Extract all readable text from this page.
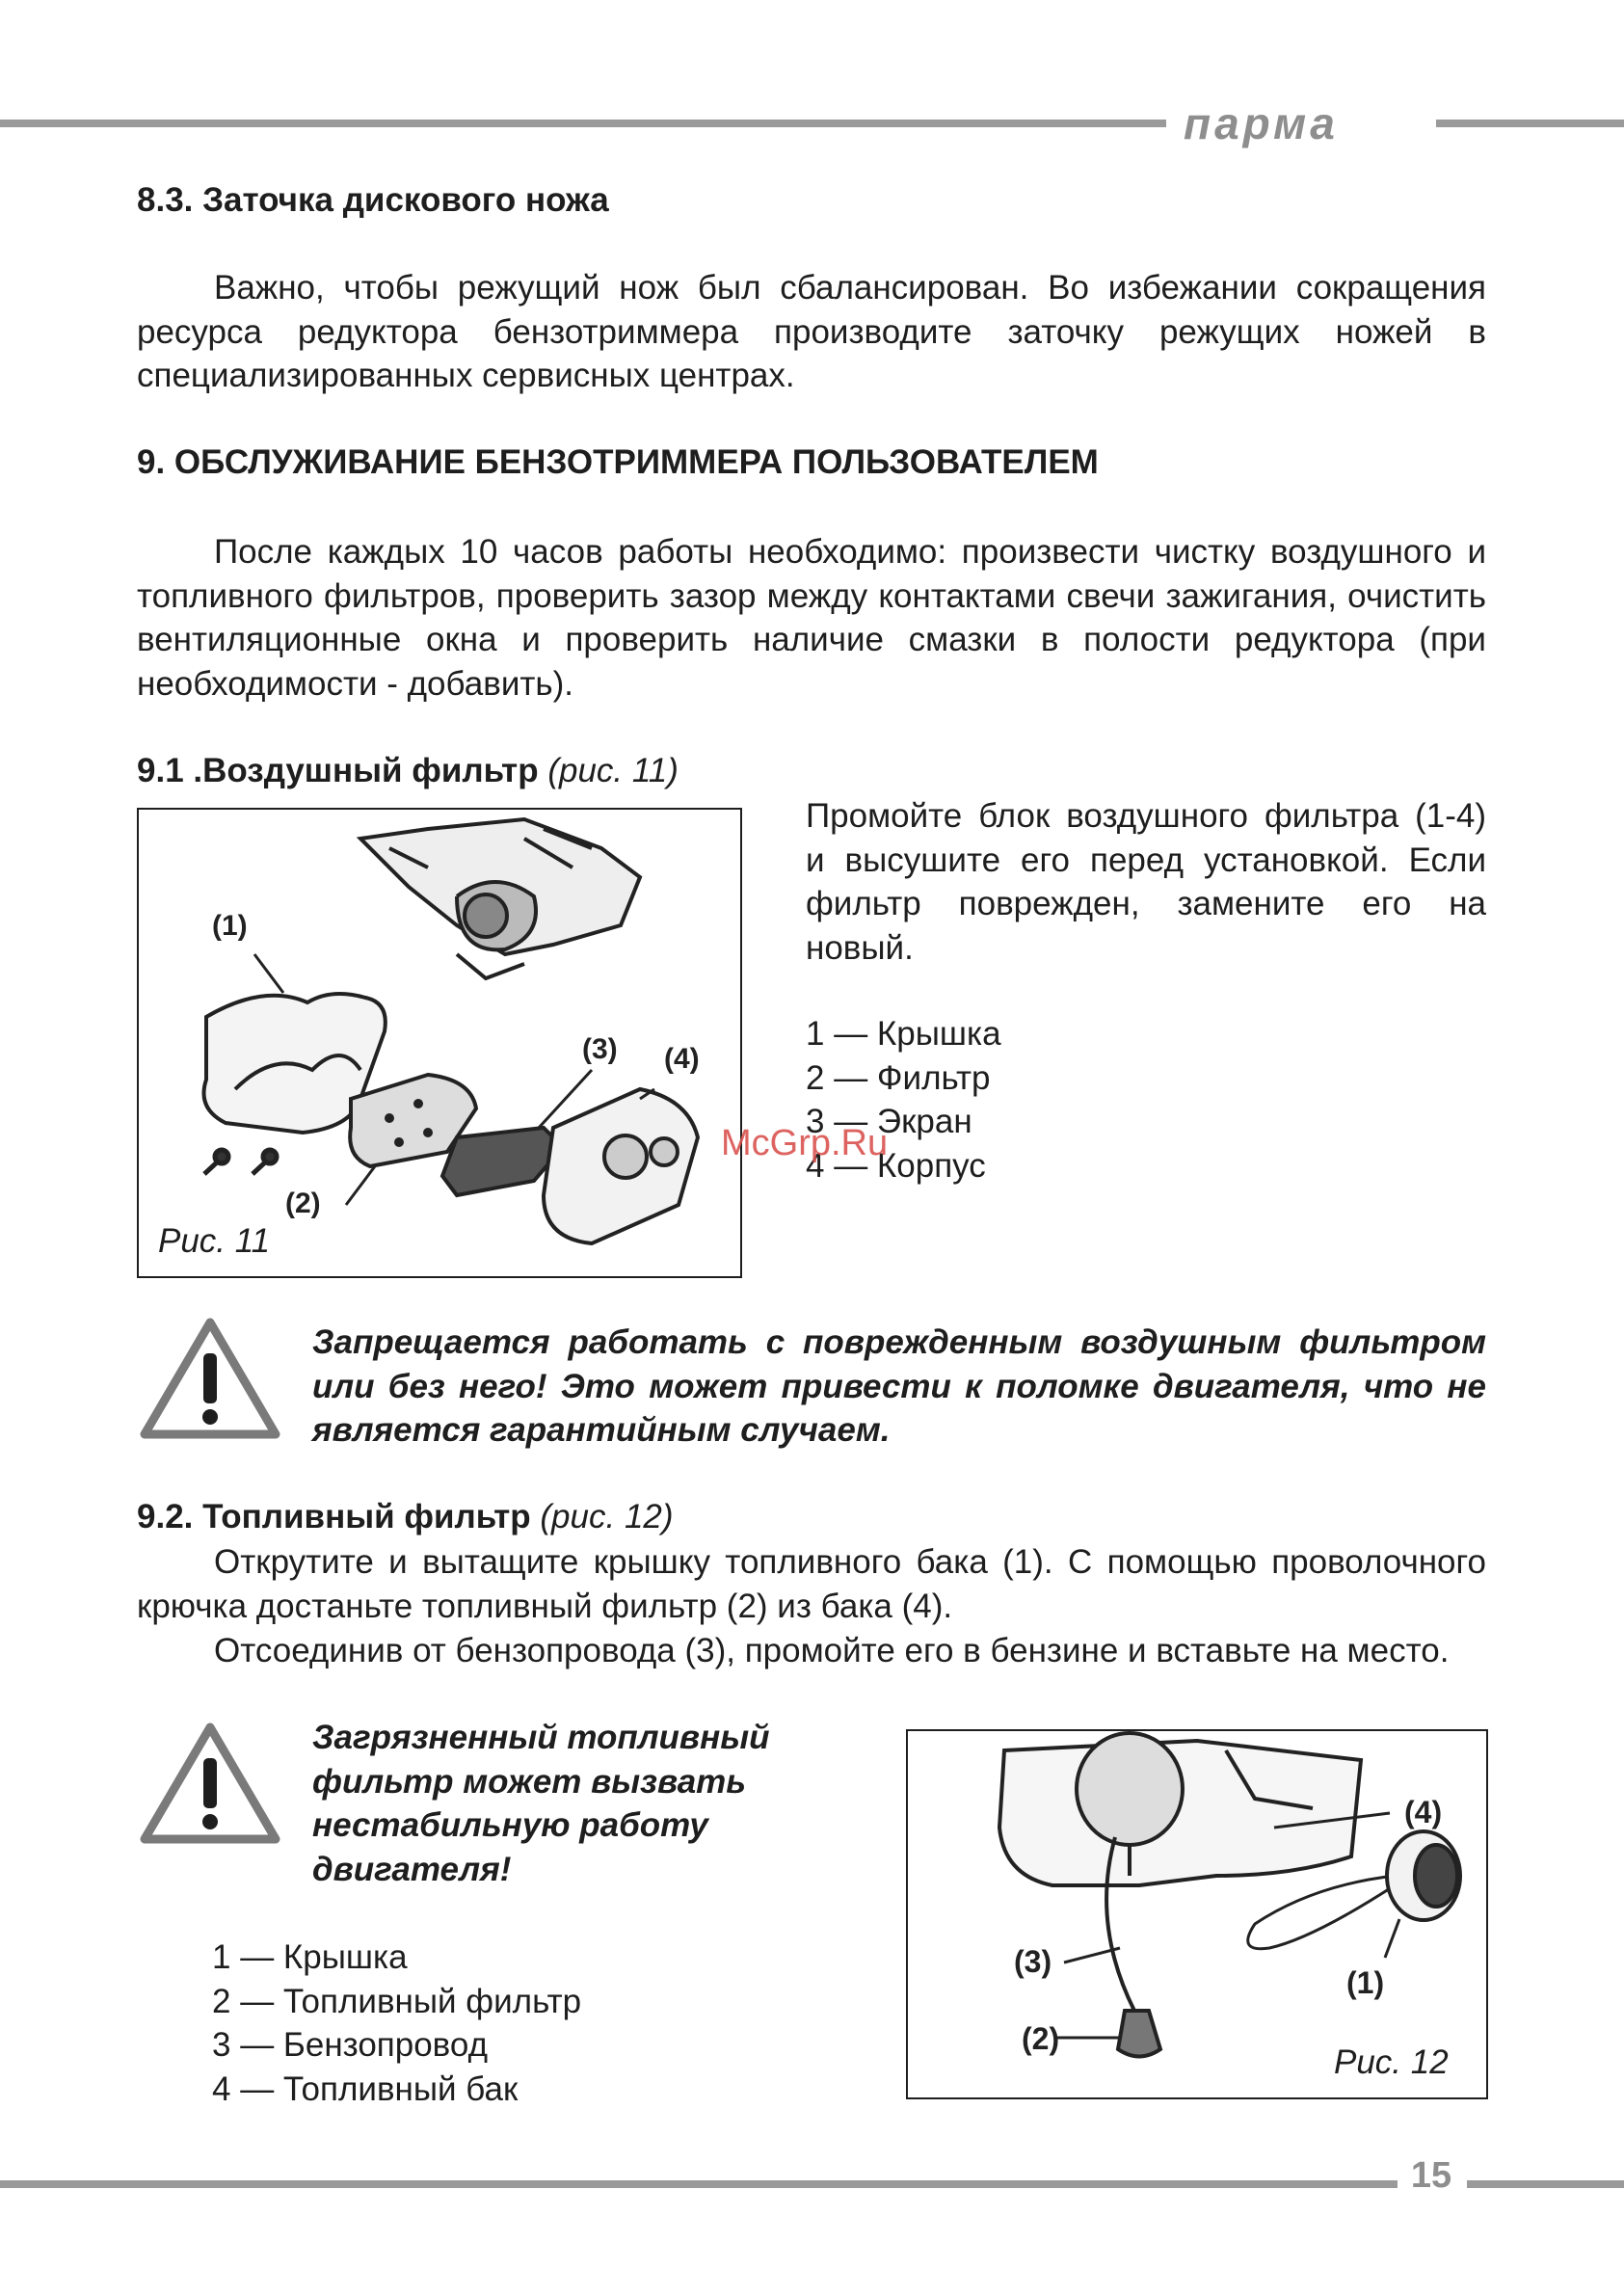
парма
8.3. Заточка дискового ножа
Важно, чтобы режущий нож был сбалансирован. Во избежании сокращения ресурса редуктора бензотриммера производите заточку режущих ножей в специализированных сервисных центрах.
9. ОБСЛУЖИВАНИЕ БЕНЗОТРИММЕРА ПОЛЬЗОВАТЕЛЕМ
После каждых 10 часов работы необходимо: произвести чистку воздушного и топливного фильтров, проверить зазор между контактами свечи зажигания, очистить вентиляционные окна и проверить наличие смазки в полости редуктора (при необходимости - добавить).
9.1 .Воздушный фильтр (рис. 11)
(1)
(2)
(3) (4)
Рис. 11
Промойте блок воздушного фильтра (1-4) и высушите его перед установкой. Если фильтр поврежден, замените его на новый.
1 — Крышка
2 — Фильтр
3 — Экран
4 — Корпус
McGrp.Ru
Запрещается работать с поврежденным воздушным фильтром или без него! Это может привести к поломке двигателя, что не является гарантийным случаем.
9.2. Топливный фильтр (рис. 12)
Открутите и вытащите крышку топливного бака (1). С помощью проволочного крючка достаньте топливный фильтр (2) из бака (4).
Отсоединив от бензопровода (3), промойте его в бензине и вставьте на место.
Загрязненный топливный фильтр может вызвать нестабильную работу двигателя!
1 — Крышка
2 — Топливный фильтр
3 — Бензопровод
4 — Топливный бак
(4)
(3)
(1)
(2)
Рис. 12
15
